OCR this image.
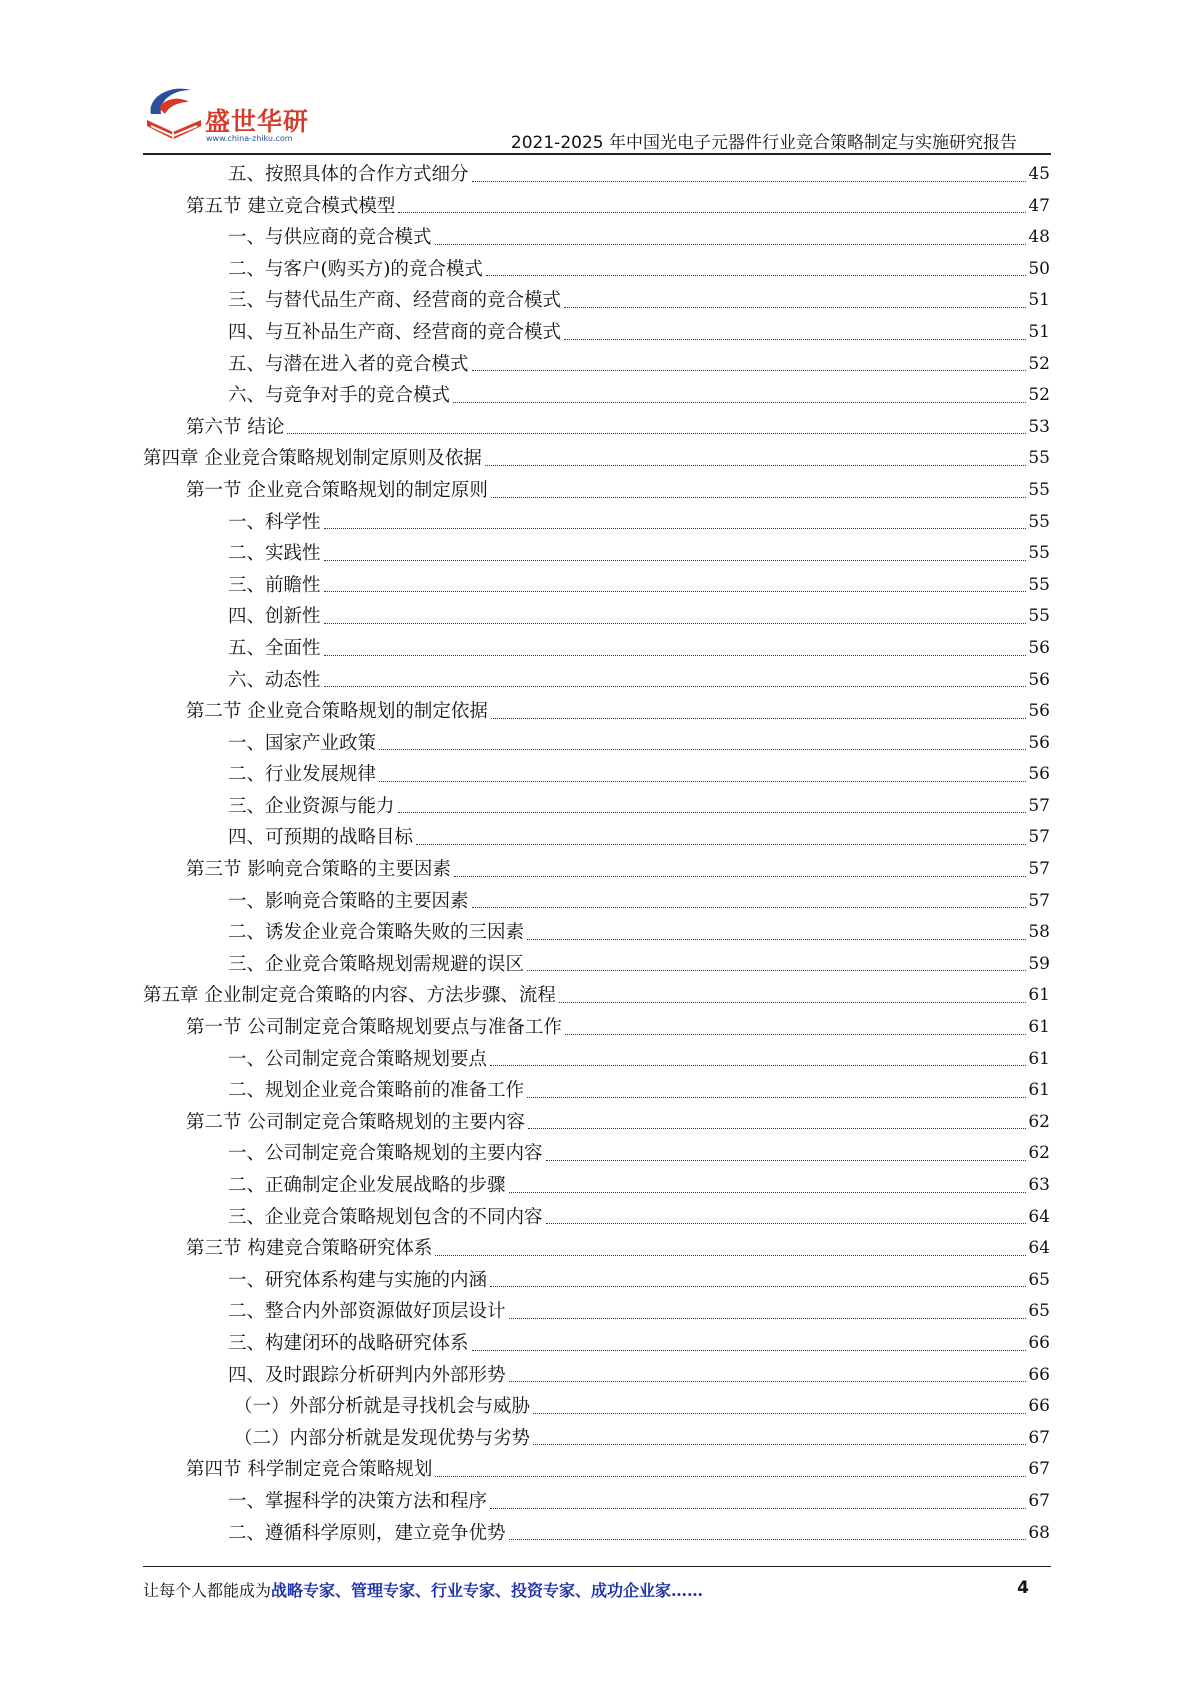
盛世华研
www.china-zhiku.com	2021-2025 年中国光电子元器件行业竞合策略制定与实施研究报告
五、按照具体的合作方式细分	45
第五节 建立竞合模式模型	47
一、与供应商的竞合模式	48
二、与客户(购买方)的竞合模式	50
三、与替代品生产商、经营商的竞合模式	51
四、与互补品生产商、经营商的竞合模式	51
五、与潜在进入者的竞合模式	52
六、与竞争对手的竞合模式	52
第六节 结论	53
第四章 企业竞合策略规划制定原则及依据	55
第一节 企业竞合策略规划的制定原则	55
一、科学性	55
二、实践性	55
三、前瞻性	55
四、创新性	55
五、全面性	56
六、动态性	56
第二节 企业竞合策略规划的制定依据	56
一、国家产业政策	56
二、行业发展规律	56
三、企业资源与能力	57
四、可预期的战略目标	57
第三节 影响竞合策略的主要因素	57
一、影响竞合策略的主要因素	57
二、诱发企业竞合策略失败的三因素	58
三、企业竞合策略规划需规避的误区	59
第五章 企业制定竞合策略的内容、方法步骤、流程	61
第一节 公司制定竞合策略规划要点与准备工作	61
一、公司制定竞合策略规划要点	61
二、规划企业竞合策略前的准备工作	61
第二节 公司制定竞合策略规划的主要内容	62
一、公司制定竞合策略规划的主要内容	62
二、正确制定企业发展战略的步骤	63
三、企业竞合策略规划包含的不同内容	64
第三节 构建竞合策略研究体系	64
一、研究体系构建与实施的内涵	65
二、整合内外部资源做好顶层设计	65
三、构建闭环的战略研究体系	66
四、及时跟踪分析研判内外部形势	66
（一）外部分析就是寻找机会与威胁	66
（二）内部分析就是发现优势与劣势	67
第四节 科学制定竞合策略规划	67
一、掌握科学的决策方法和程序	67
二、遵循科学原则，建立竞争优势	68
让每个人都能成为战略专家、管理专家、行业专家、投资专家、成功企业家……	4
